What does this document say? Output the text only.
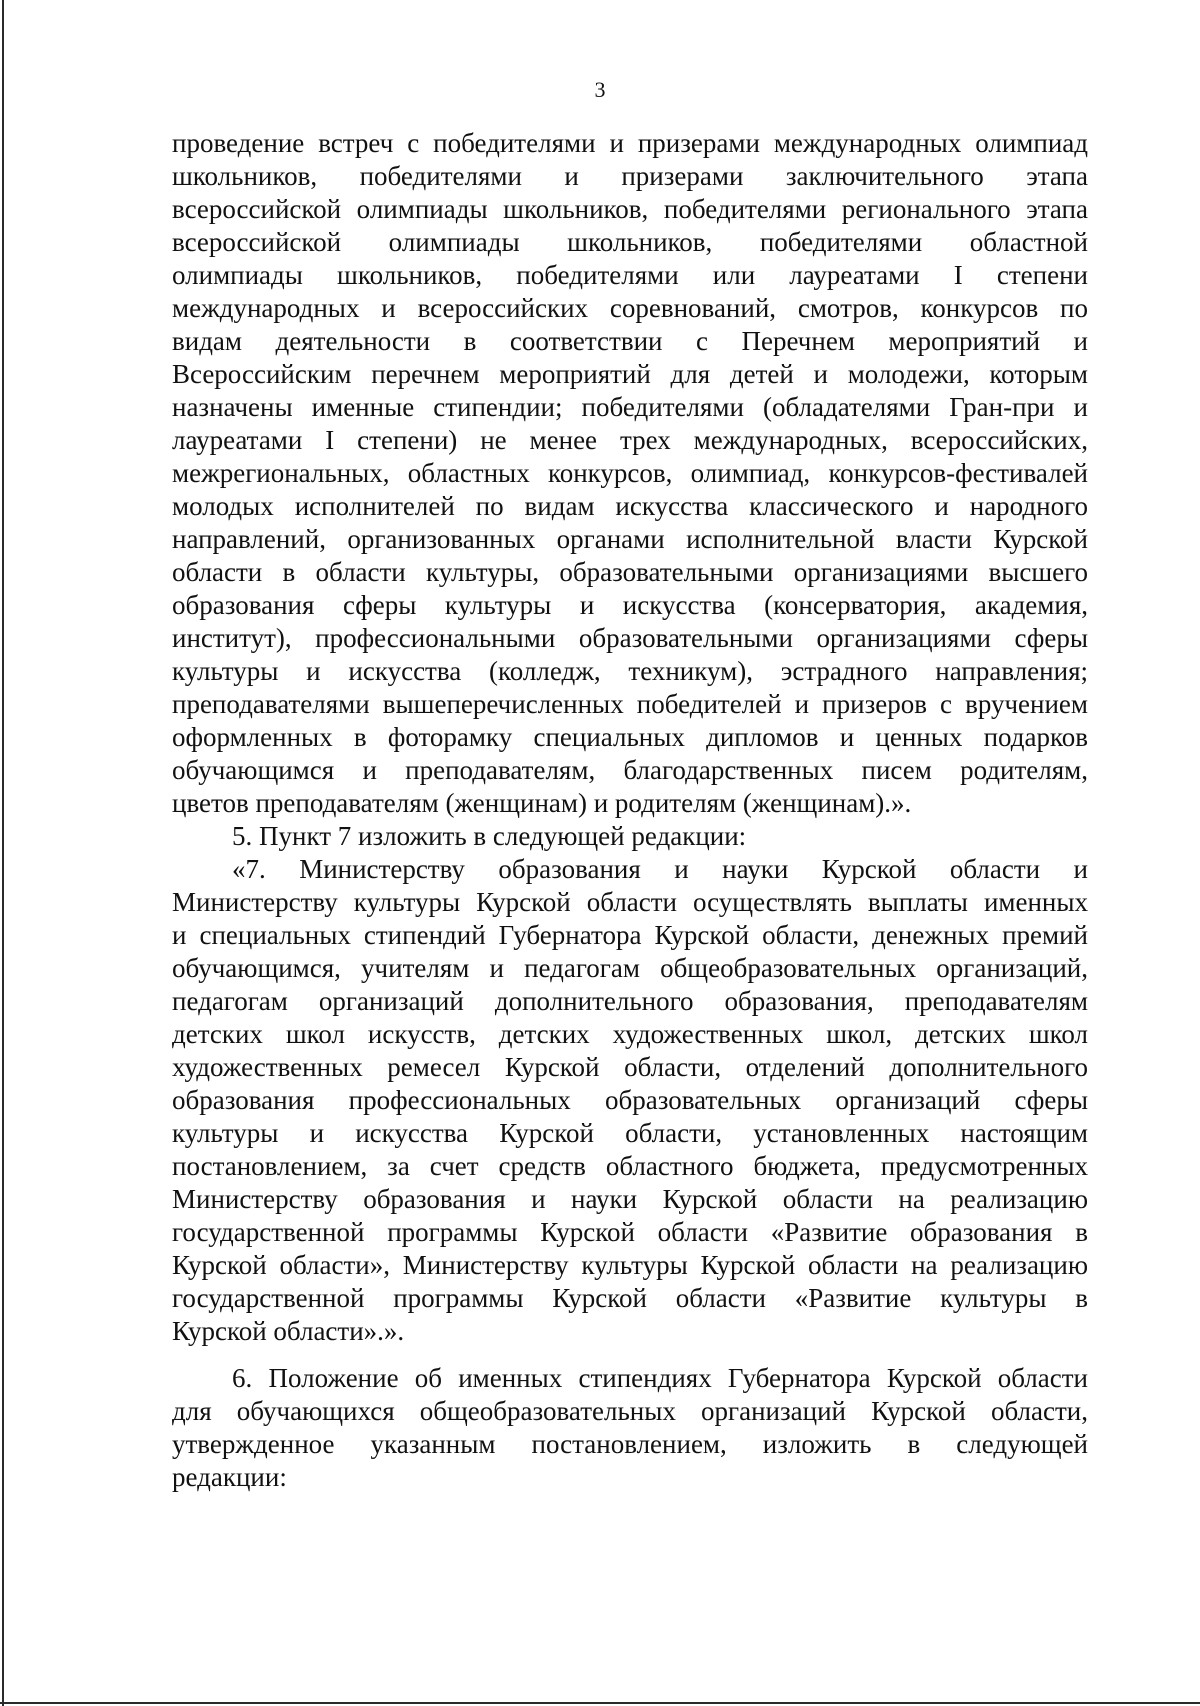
3
проведение встреч с победителями и призерами международных олимпиад
школьников, победителями и призерами заключительного этапа
всероссийской олимпиады школьников, победителями регионального этапа
всероссийской олимпиады школьников, победителями областной
олимпиады школьников, победителями или лауреатами I степени
международных и всероссийских соревнований, смотров, конкурсов по
видам деятельности в соответствии с Перечнем мероприятий и
Всероссийским перечнем мероприятий для детей и молодежи, которым
назначены именные стипендии; победителями (обладателями Гран-при и
лауреатами I степени) не менее трех международных, всероссийских,
межрегиональных, областных конкурсов, олимпиад, конкурсов-фестивалей
молодых исполнителей по видам искусства классического и народного
направлений, организованных органами исполнительной власти Курской
области в области культуры, образовательными организациями высшего
образования сферы культуры и искусства (консерватория, академия,
институт), профессиональными образовательными организациями сферы
культуры и искусства (колледж, техникум), эстрадного направления;
преподавателями вышеперечисленных победителей и призеров с вручением
оформленных в фоторамку специальных дипломов и ценных подарков
обучающимся и преподавателям, благодарственных писем родителям,
цветов преподавателям (женщинам) и родителям (женщинам).».
5. Пункт 7 изложить в следующей редакции:
«7. Министерству образования и науки Курской области и
Министерству культуры Курской области осуществлять выплаты именных
и специальных стипендий Губернатора Курской области, денежных премий
обучающимся, учителям и педагогам общеобразовательных организаций,
педагогам организаций дополнительного образования, преподавателям
детских школ искусств, детских художественных школ, детских школ
художественных ремесел Курской области, отделений дополнительного
образования профессиональных образовательных организаций сферы
культуры и искусства Курской области, установленных настоящим
постановлением, за счет средств областного бюджета, предусмотренных
Министерству образования и науки Курской области на реализацию
государственной программы Курской области «Развитие образования в
Курской области», Министерству культуры Курской области на реализацию
государственной программы Курской области «Развитие культуры в
Курской области».».
6. Положение об именных стипендиях Губернатора Курской области
для обучающихся общеобразовательных организаций Курской области,
утвержденное указанным постановлением, изложить в следующей
редакции:
